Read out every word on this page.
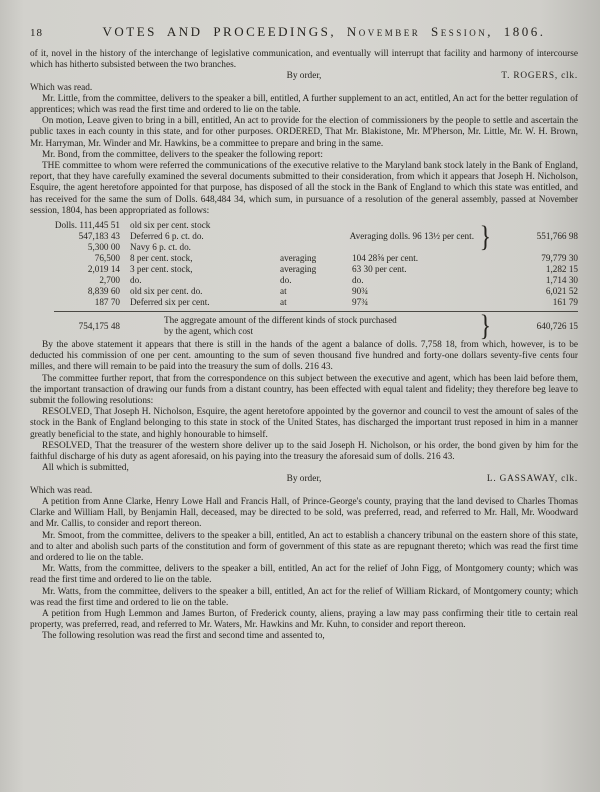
18	VOTES AND PROCEEDINGS, November Session, 1806.

of it, novel in the history of the interchange of legislative communication, and eventually will interrupt that facility and harmony of intercourse which has hitherto subsisted between the two branches.

By order,	T. ROGERS, clk.

Which was read.

Mr. Little, from the committee, delivers to the speaker a bill, entitled, A further supplement to an act, entitled, An act for the better regulation of apprentices; which was read the first time and ordered to lie on the table.

On motion, Leave given to bring in a bill, entitled, An act to provide for the election of commissioners by the people to settle and ascertain the public taxes in each county in this state, and for other purposes. ORDERED, That Mr. Blakistone, Mr. M'Pherson, Mr. Little, Mr. W. H. Brown, Mr. Harryman, Mr. Winder and Mr. Hawkins, be a committee to prepare and bring in the same.

Mr. Bond, from the committee, delivers to the speaker the following report:

THE committee to whom were referred the communications of the executive relative to the Maryland bank stock lately in the Bank of England, report, that they have carefully examined the several documents submitted to their consideration, from which it appears that Joseph H. Nicholson, Esquire, the agent heretofore appointed for that purpose, has disposed of all the stock in the Bank of England to which this state was entitled, and has received for the same the sum of Dolls. 648,484 34, which sum, in pursuance of a resolution of the general assembly, passed at November session, 1804, has been appropriated as follows:

Dolls. 111,445 51	old six per cent. stock
547,183 43	Deferred 6 p. ct. do.
5,300 00	Navy 6 p. ct. do.
Averaging dolls. 96 13½ per cent. }	551,766 98
76,500	8 per cent. stock,	averaging	104 28⅝ per cent.	79,779 30
2,019 14	3 per cent. stock,	averaging	63 30 per cent.	1,282 15
2,700	do.	do.	do.	1,714 30
8,839 60	old six per cent. do.	at	90¾	6,021 52
187 70	Deferred six per cent.	at	97¾	161 79
754,175 48
The aggregate amount of the different kinds of stock purchased
by the agent, which cost	}	640,726 15

By the above statement it appears that there is still in the hands of the agent a balance of dolls. 7,758 18, from which, however, is to be deducted his commission of one per cent. amounting to the sum of seven thousand five hundred and forty-one dollars seventy-five cents four milles, and there will remain to be paid into the treasury the sum of dolls. 216 43.

The committee further report, that from the correspondence on this subject between the executive and agent, which has been laid before them, the important transaction of drawing our funds from a distant country, has been effected with equal talent and fidelity; they therefore beg leave to submit the following resolutions:

RESOLVED, That Joseph H. Nicholson, Esquire, the agent heretofore appointed by the governor and council to vest the amount of sales of the stock in the Bank of England belonging to this state in stock of the United States, has discharged the important trust reposed in him in a manner greatly beneficial to the state, and highly honourable to himself.

RESOLVED, That the treasurer of the western shore deliver up to the said Joseph H. Nicholson, or his order, the bond given by him for the faithful discharge of his duty as agent aforesaid, on his paying into the treasury the aforesaid sum of dolls. 216 43.

All which is submitted,

By order,	L. GASSAWAY, clk.

Which was read.

A petition from Anne Clarke, Henry Lowe Hall and Francis Hall, of Prince-George's county, praying that the land devised to Charles Thomas Clarke and William Hall, by Benjamin Hall, deceased, may be directed to be sold, was preferred, read, and referred to Mr. Hall, Mr. Woodward and Mr. Callis, to consider and report thereon.

Mr. Smoot, from the committee, delivers to the speaker a bill, entitled, An act to establish a chancery tribunal on the eastern shore of this state, and to alter and abolish such parts of the constitution and form of government of this state as are repugnant thereto; which was read the first time and ordered to lie on the table.

Mr. Watts, from the committee, delivers to the speaker a bill, entitled, An act for the relief of John Figg, of Montgomery county; which was read the first time and ordered to lie on the table.

Mr. Watts, from the committee, delivers to the speaker a bill, entitled, An act for the relief of William Rickard, of Montgomery county; which was read the first time and ordered to lie on the table.

A petition from Hugh Lemmon and James Burton, of Frederick county, aliens, praying a law may pass confirming their title to certain real property, was preferred, read, and referred to Mr. Waters, Mr. Hawkins and Mr. Kuhn, to consider and report thereon.

The following resolution was read the first and second time and assented to,
